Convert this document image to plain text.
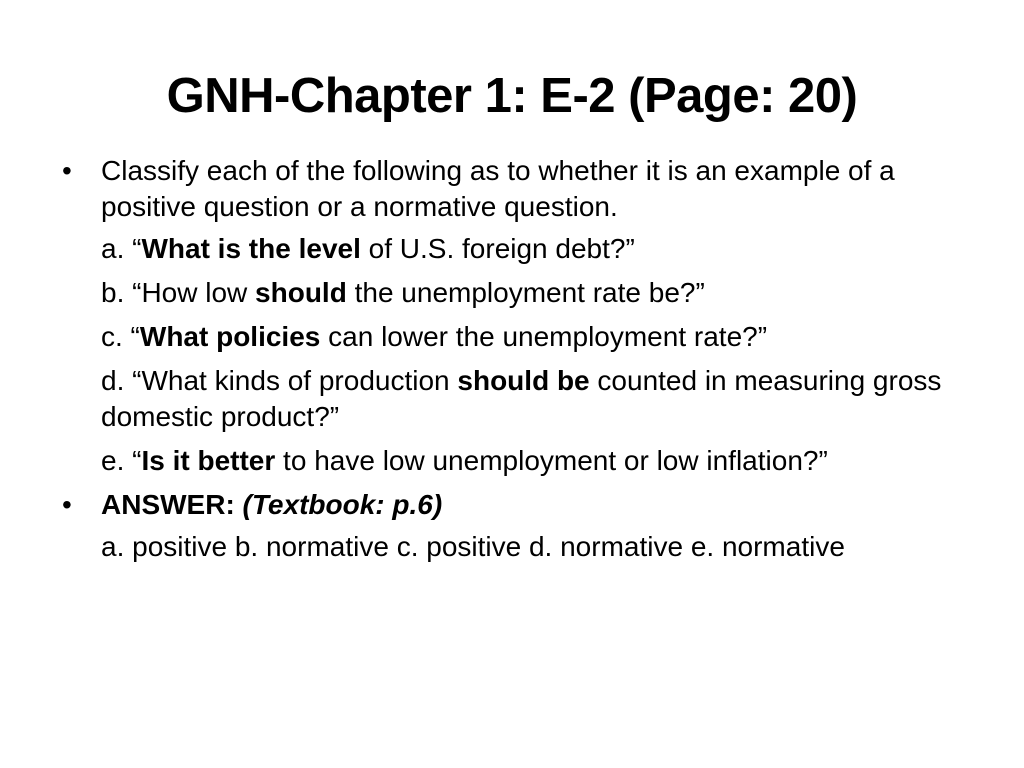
GNH-Chapter 1: E-2 (Page: 20)
•	Classify each of the following as to whether it is an example of a positive question or a normative question.
a. “What is the level of U.S. foreign debt?”
b. “How low should the unemployment rate be?”
c. “What policies can lower the unemployment rate?”
d. “What kinds of production should be counted in measuring gross domestic product?”
e. “Is it better to have low unemployment or low inflation?”
•	ANSWER: (Textbook: p.6)
a. positive b. normative c. positive d. normative e. normative
